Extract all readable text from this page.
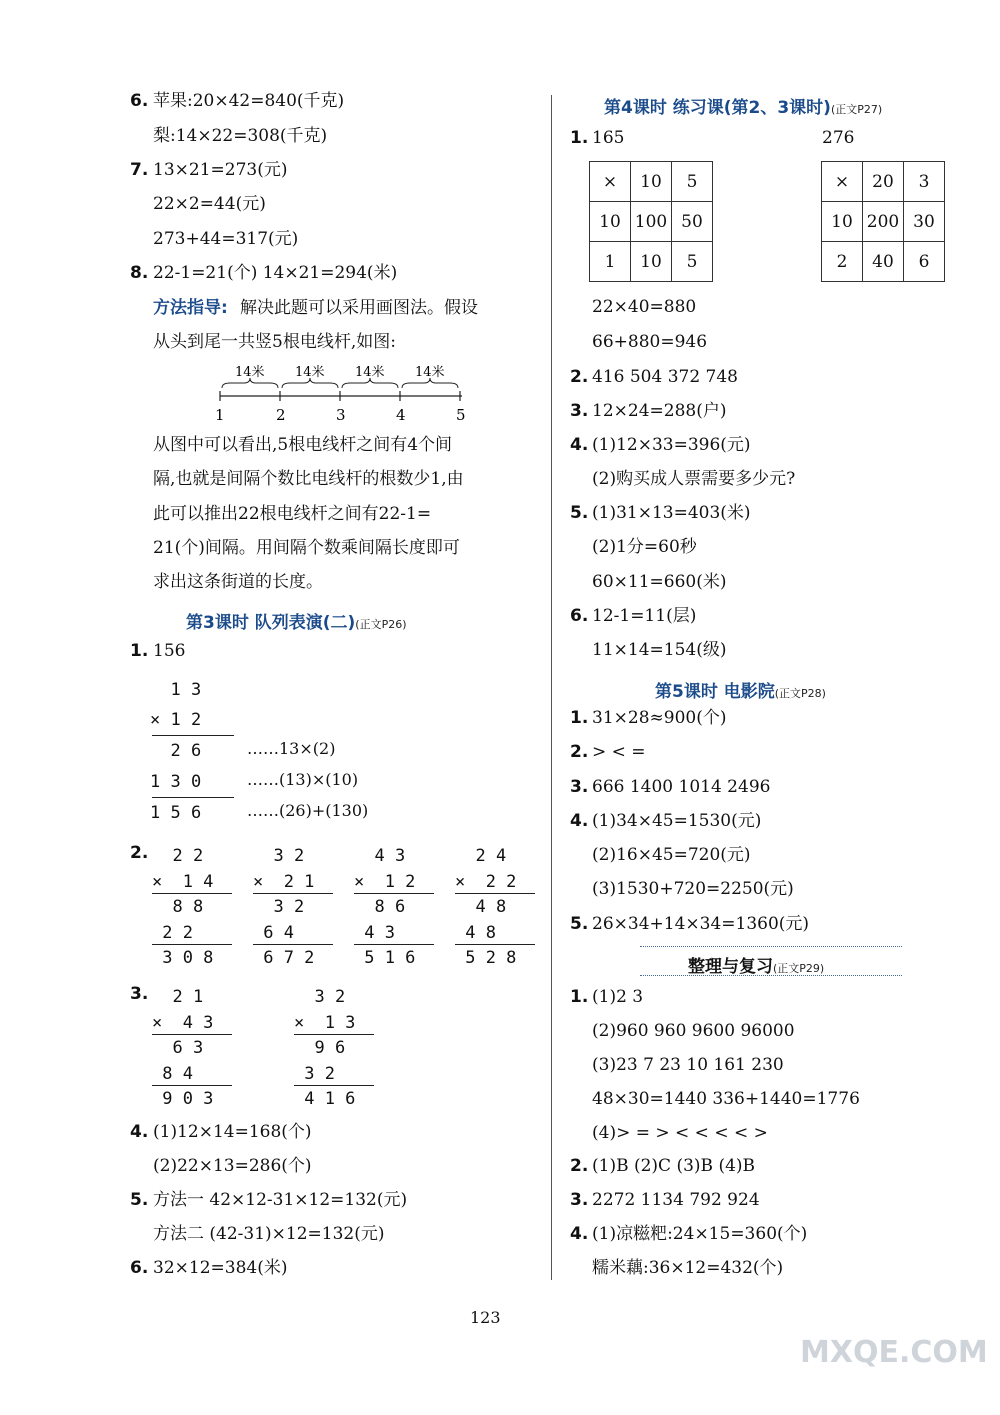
6. 苹果:20×42=840(千克)
梨:14×22=308(千克)
7. 13×21=273(元)
22×2=44(元)
273+44=317(元)
8. 22-1=21(个) 14×21=294(米)
方法指导: 解决此题可以采用画图法。假设
从头到尾一共竖5根电线杆,如图:
14米 14米 14米 14米
1	2	3	4	5
从图中可以看出,5根电线杆之间有4个间
隔,也就是间隔个数比电线杆的根数少1,由
此可以推出22根电线杆之间有22-1=
21(个)间隔。用间隔个数乘间隔长度即可
求出这条街道的长度。
第3课时 队列表演(二)(正文P26)
1. 156
1 3
× 1 2
2 6
1 3 0
1 5 6
……13×(2)
……(13)×(10)
……(26)+(130)
2. 2 2
×  1 4
8 8
2 2
3 0 8
3 2
×  2 1
3 2
6 4
6 7 2
4 3
×  1 2
8 6
4 3
5 1 6
2 4
×  2 2
4 8
4 8
5 2 8
3. 2 1
×  4 3
6 3
8 4
9 0 3
3 2
×  1 3
9 6
3 2
4 1 6
4. (1)12×14=168(个)
(2)22×13=286(个)
5. 方法一 42×12-31×12=132(元)
方法二 (42-31)×12=132(元)
6. 32×12=384(米)
第4课时 练习课(第2、3课时)(正文P27)
1. 165	276
×	10	5
10	100	50
1	10	5
×	20	3
10	200	30
2	40	6
22×40=880
66+880=946
2. 416 504 372 748
3. 12×24=288(户)
4. (1)12×33=396(元)
(2)购买成人票需要多少元?
5. (1)31×13=403(米)
(2)1分=60秒
60×11=660(米)
6. 12-1=11(层)
11×14=154(级)
第5课时 电影院(正文P28)
1. 31×28≈900(个)
2. > < =
3. 666 1400 1014 2496
4. (1)34×45=1530(元)
(2)16×45=720(元)
(3)1530+720=2250(元)
5. 26×34+14×34=1360(元)
整理与复习(正文P29)
1. (1)2 3
(2)960 960 9600 96000
(3)23 7 23 10 161 230
48×30=1440 336+1440=1776
(4)> = > < < < < >
2. (1)B (2)C (3)B (4)B
3. 2272 1134 792 924
4. (1)凉糍粑:24×15=360(个)
糯米藕:36×12=432(个)
123
MXQE.COM
